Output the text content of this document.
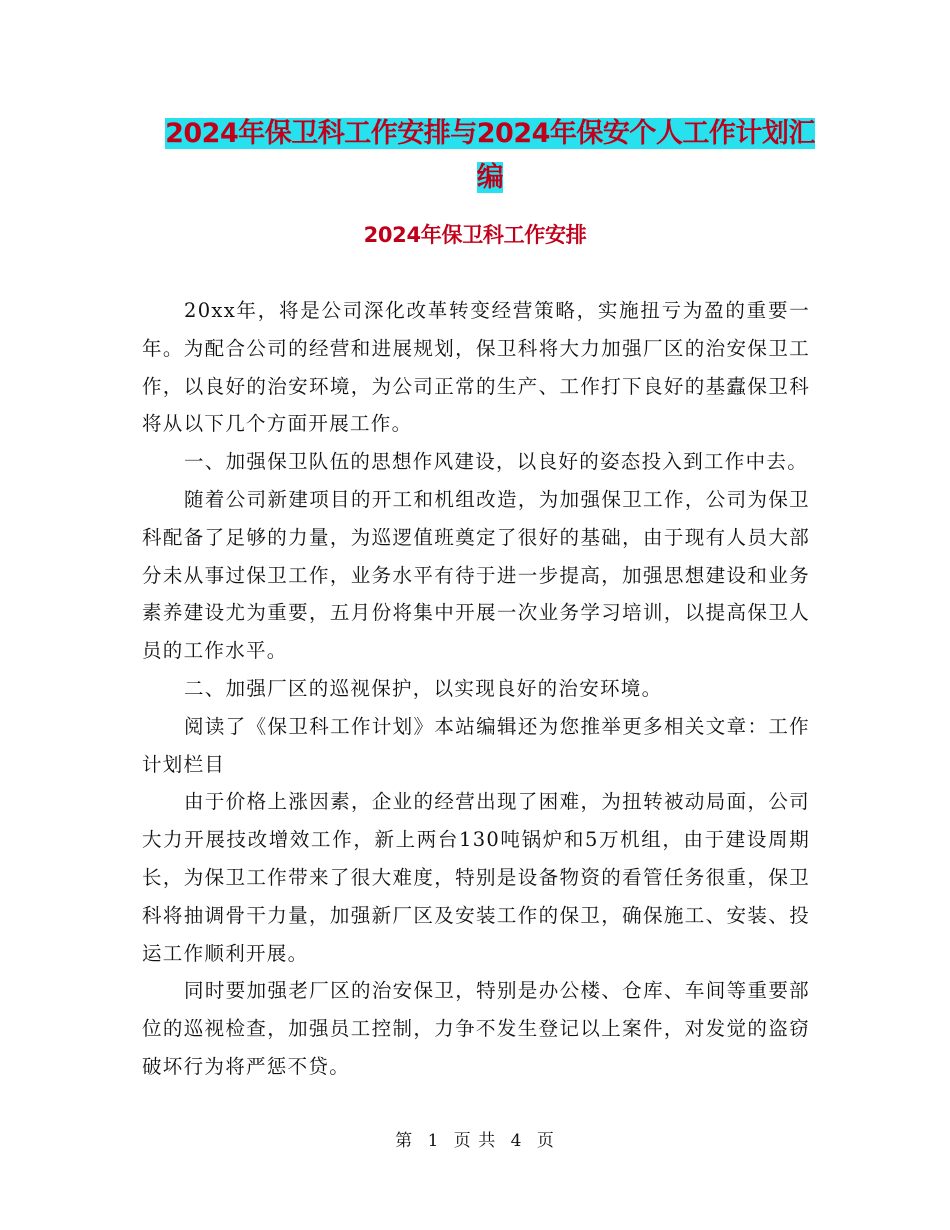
2024年保卫科工作安排与2024年保安个人工作计划汇
编
2024年保卫科工作安排

20xx年，将是公司深化改革转变经营策略，实施扭亏为盈的重要一年。为配合公司的经营和进展规划，保卫科将大力加强厂区的治安保卫工作，以良好的治安环境，为公司正常的生产、工作打下良好的基蠹保卫科将从以下几个方面开展工作。

一、加强保卫队伍的思想作风建设，以良好的姿态投入到工作中去。

随着公司新建项目的开工和机组改造，为加强保卫工作，公司为保卫科配备了足够的力量，为巡逻值班奠定了很好的基础，由于现有人员大部分未从事过保卫工作，业务水平有待于进一步提高，加强思想建设和业务素养建设尤为重要，五月份将集中开展一次业务学习培训，以提高保卫人员的工作水平。

二、加强厂区的巡视保护，以实现良好的治安环境。

阅读了《保卫科工作计划》本站编辑还为您推举更多相关文章：工作计划栏目

由于价格上涨因素，企业的经营出现了困难，为扭转被动局面，公司大力开展技改增效工作，新上两台130吨锅炉和5万机组，由于建设周期长，为保卫工作带来了很大难度，特别是设备物资的看管任务很重，保卫科将抽调骨干力量，加强新厂区及安装工作的保卫，确保施工、安装、投运工作顺利开展。

同时要加强老厂区的治安保卫，特别是办公楼、仓库、车间等重要部位的巡视检查，加强员工控制，力争不发生登记以上案件，对发觉的盗窃破坏行为将严惩不贷。

第 1 页 共 4 页
